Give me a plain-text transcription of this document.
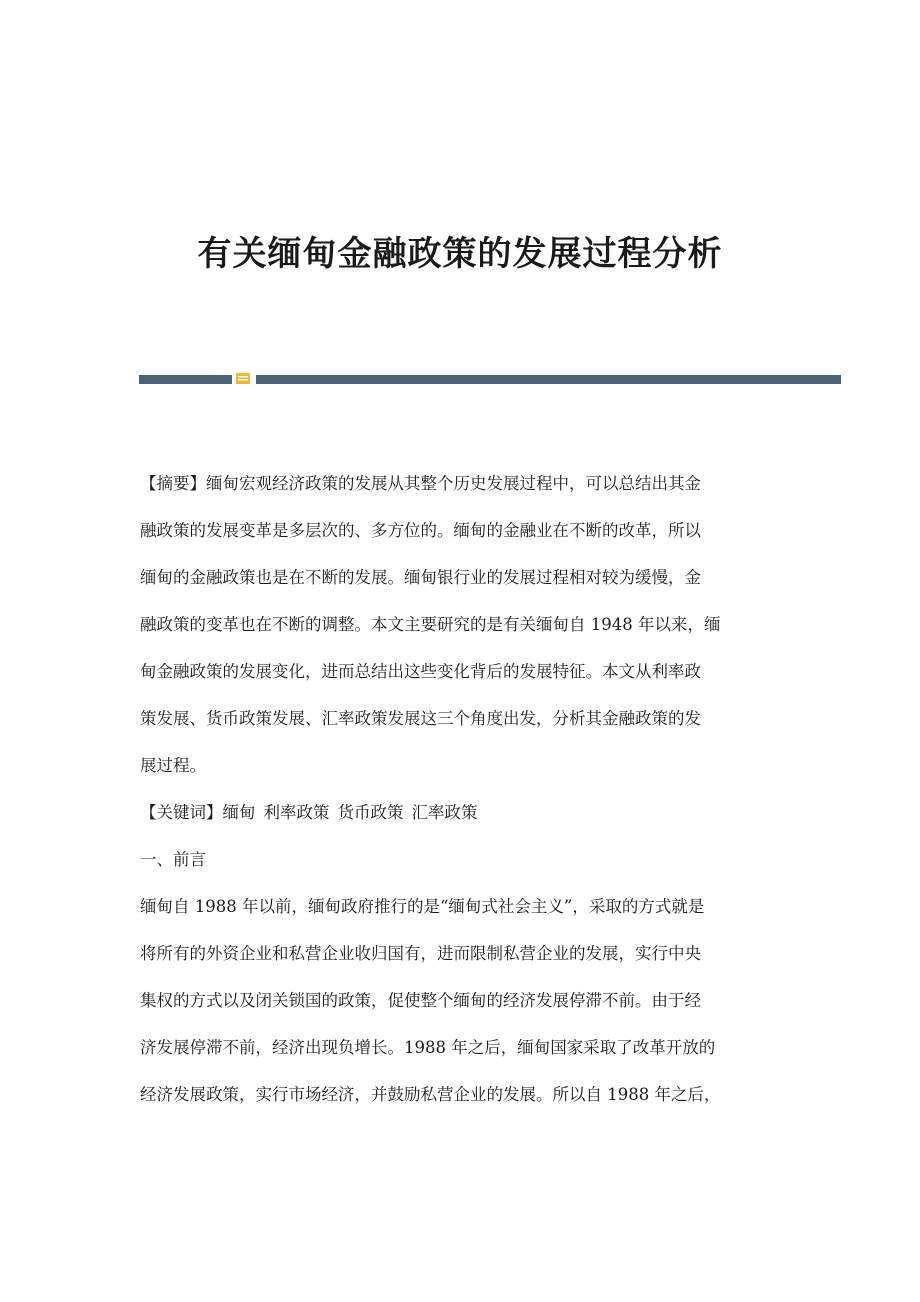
有关缅甸金融政策的发展过程分析

【摘要】缅甸宏观经济政策的发展从其整个历史发展过程中，可以总结出其金
融政策的发展变革是多层次的、多方位的。缅甸的金融业在不断的改革，所以
缅甸的金融政策也是在不断的发展。缅甸银行业的发展过程相对较为缓慢，金
融政策的变革也在不断的调整。本文主要研究的是有关缅甸自 1948 年以来，缅
甸金融政策的发展变化，进而总结出这些变化背后的发展特征。本文从利率政
策发展、货币政策发展、汇率政策发展这三个角度出发，分析其金融政策的发
展过程。

【关键词】缅甸 利率政策 货币政策 汇率政策

一、前言

缅甸自 1988 年以前，缅甸政府推行的是“缅甸式社会主义”，采取的方式就是
将所有的外资企业和私营企业收归国有，进而限制私营企业的发展，实行中央
集权的方式以及闭关锁国的政策，促使整个缅甸的经济发展停滞不前。由于经
济发展停滞不前，经济出现负增长。1988 年之后，缅甸国家采取了改革开放的
经济发展政策，实行市场经济，并鼓励私营企业的发展。所以自 1988 年之后，
